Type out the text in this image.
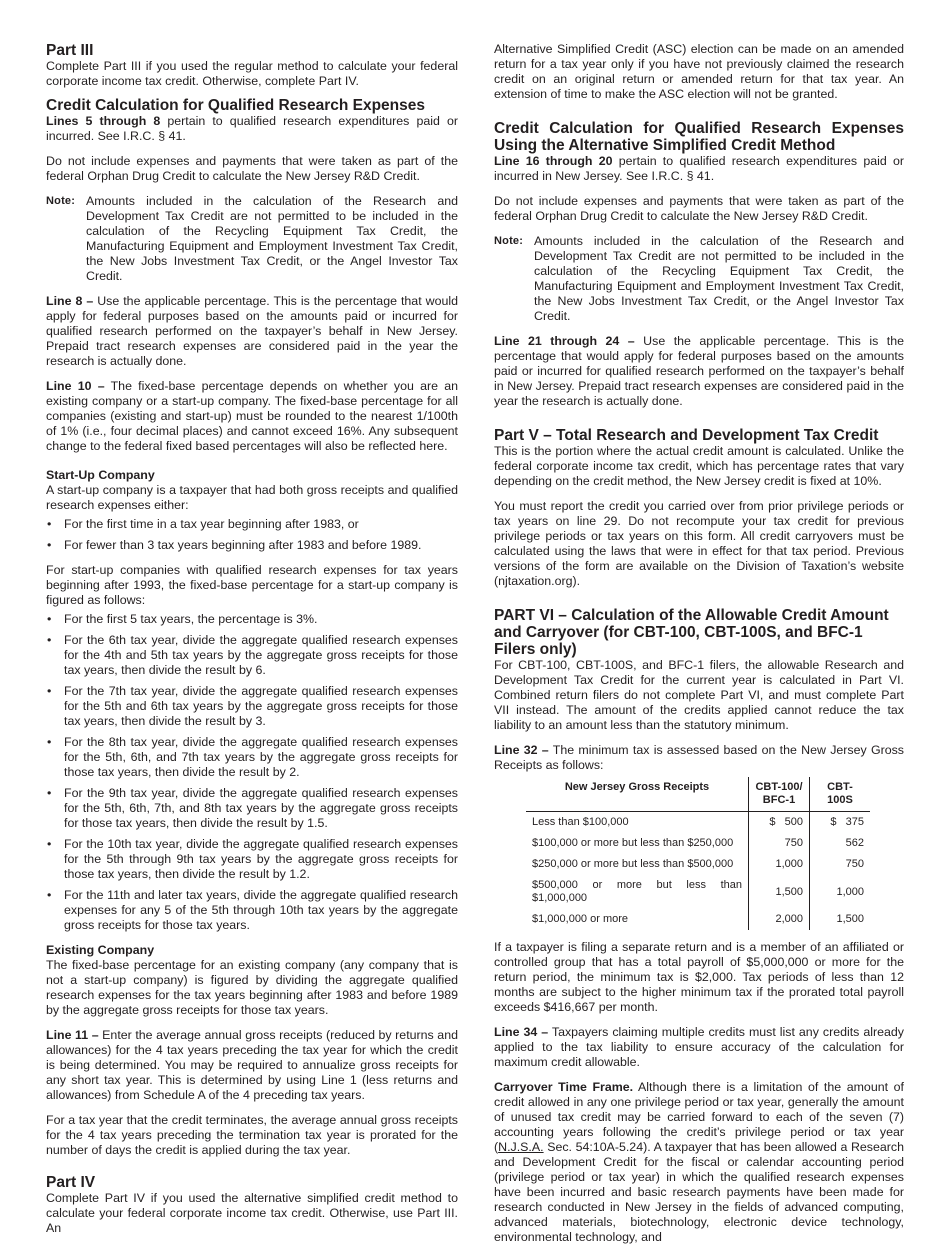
Part III

Complete Part III if you used the regular method to calculate your federal corporate income tax credit. Otherwise, complete Part IV.

Credit Calculation for Qualified Research Expenses

Lines 5 through 8 pertain to qualified research expenditures paid or incurred. See I.R.C. § 41.

Do not include expenses and payments that were taken as part of the federal Orphan Drug Credit to calculate the New Jersey R&D Credit.

Note: Amounts included in the calculation of the Research and Development Tax Credit are not permitted to be included in the calculation of the Recycling Equipment Tax Credit, the Manufacturing Equipment and Employment Investment Tax Credit, the New Jobs Investment Tax Credit, or the Angel Investor Tax Credit.

Line 8 – Use the applicable percentage. This is the percentage that would apply for federal purposes based on the amounts paid or incurred for qualified research performed on the taxpayer’s behalf in New Jersey. Prepaid tract research expenses are considered paid in the year the research is actually done.

Line 10 – The fixed-base percentage depends on whether you are an existing company or a start-up company. The fixed-base percentage for all companies (existing and start-up) must be rounded to the nearest 1/100th of 1% (i.e., four decimal places) and cannot exceed 16%. Any subsequent change to the federal fixed based percentages will also be reflected here.

Start-Up Company

A start-up company is a taxpayer that had both gross receipts and qualified research expenses either:

• For the first time in a tax year beginning after 1983, or
• For fewer than 3 tax years beginning after 1983 and before 1989.

For start-up companies with qualified research expenses for tax years beginning after 1993, the fixed-base percentage for a start-up company is figured as follows:

• For the first 5 tax years, the percentage is 3%.
• For the 6th tax year, divide the aggregate qualified research expenses for the 4th and 5th tax years by the aggregate gross receipts for those tax years, then divide the result by 6.
• For the 7th tax year, divide the aggregate qualified research expenses for the 5th and 6th tax years by the aggregate gross receipts for those tax years, then divide the result by 3.
• For the 8th tax year, divide the aggregate qualified research expenses for the 5th, 6th, and 7th tax years by the aggregate gross receipts for those tax years, then divide the result by 2.
• For the 9th tax year, divide the aggregate qualified research expenses for the 5th, 6th, 7th, and 8th tax years by the aggregate gross receipts for those tax years, then divide the result by 1.5.
• For the 10th tax year, divide the aggregate qualified research expenses for the 5th through 9th tax years by the aggregate gross receipts for those tax years, then divide the result by 1.2.
• For the 11th and later tax years, divide the aggregate qualified research expenses for any 5 of the 5th through 10th tax years by the aggregate gross receipts for those tax years.
Existing Company

The fixed-base percentage for an existing company (any company that is not a start-up company) is figured by dividing the aggregate qualified research expenses for the tax years beginning after 1983 and before 1989 by the aggregate gross receipts for those tax years.

Line 11 – Enter the average annual gross receipts (reduced by returns and allowances) for the 4 tax years preceding the tax year for which the credit is being determined. You may be required to annualize gross receipts for any short tax year. This is determined by using Line 1 (less returns and allowances) from Schedule A of the 4 preceding tax years.

For a tax year that the credit terminates, the average annual gross receipts for the 4 tax years preceding the termination tax year is prorated for the number of days the credit is applied during the tax year.

Part IV

Complete Part IV if you used the alternative simplified credit method to calculate your federal corporate income tax credit. Otherwise, use Part III. An

Alternative Simplified Credit (ASC) election can be made on an amended return for a tax year only if you have not previously claimed the research credit on an original return or amended return for that tax year. An extension of time to make the ASC election will not be granted.

Credit Calculation for Qualified Research Expenses Using the Alternative Simplified Credit Method

Line 16 through 20 pertain to qualified research expenditures paid or incurred in New Jersey. See I.R.C. § 41.

Do not include expenses and payments that were taken as part of the federal Orphan Drug Credit to calculate the New Jersey R&D Credit.

Note: Amounts included in the calculation of the Research and Development Tax Credit are not permitted to be included in the calculation of the Recycling Equipment Tax Credit, the Manufacturing Equipment and Employment Investment Tax Credit, the New Jobs Investment Tax Credit, or the Angel Investor Tax Credit.

Line 21 through 24 – Use the applicable percentage. This is the percentage that would apply for federal purposes based on the amounts paid or incurred for qualified research performed on the taxpayer’s behalf in New Jersey. Prepaid tract research expenses are considered paid in the year the research is actually done.

Part V – Total Research and Development Tax Credit

This is the portion where the actual credit amount is calculated. Unlike the federal corporate income tax credit, which has percentage rates that vary depending on the credit method, the New Jersey credit is fixed at 10%.

You must report the credit you carried over from prior privilege periods or tax years on line 29. Do not recompute your tax credit for previous privilege periods or tax years on this form. All credit carryovers must be calculated using the laws that were in effect for that tax period. Previous versions of the form are available on the Division of Taxation’s website (njtaxation.org).

PART VI – Calculation of the Allowable Credit Amount and Carryover (for CBT-100, CBT-100S, and BFC-1 Filers only)

For CBT-100, CBT-100S, and BFC-1 filers, the allowable Research and Development Tax Credit for the current year is calculated in Part VI. Combined return filers do not complete Part VI, and must complete Part VII instead. The amount of the credits applied cannot reduce the tax liability to an amount less than the statutory minimum.

Line 32 – The minimum tax is assessed based on the New Jersey Gross Receipts as follows:

New Jersey Gross Receipts	CBT-100/ BFC-1	CBT-100S
Less than $100,000	$   500	$   375
$100,000 or more but less than $250,000	750	562
$250,000 or more but less than $500,000	1,000	750
$500,000 or more but less than $1,000,000	1,500	1,000
$1,000,000 or more	2,000	1,500

If a taxpayer is filing a separate return and is a member of an affiliated or controlled group that has a total payroll of $5,000,000 or more for the return period, the minimum tax is $2,000. Tax periods of less than 12 months are subject to the higher minimum tax if the prorated total payroll exceeds $416,667 per month.

Line 34 – Taxpayers claiming multiple credits must list any credits already applied to the tax liability to ensure accuracy of the calculation for maximum credit allowable.

Carryover Time Frame. Although there is a limitation of the amount of credit allowed in any one privilege period or tax year, generally the amount of unused tax credit may be carried forward to each of the seven (7) accounting years following the credit’s privilege period or tax year (N.J.S.A. Sec. 54:10A-5.24). A taxpayer that has been allowed a Research and Development Credit for the fiscal or calendar accounting period (privilege period or tax year) in which the qualified research expenses have been incurred and basic research payments have been made for research conducted in New Jersey in the fields of advanced computing, advanced materials, biotechnology, electronic device technology, environmental technology, and
